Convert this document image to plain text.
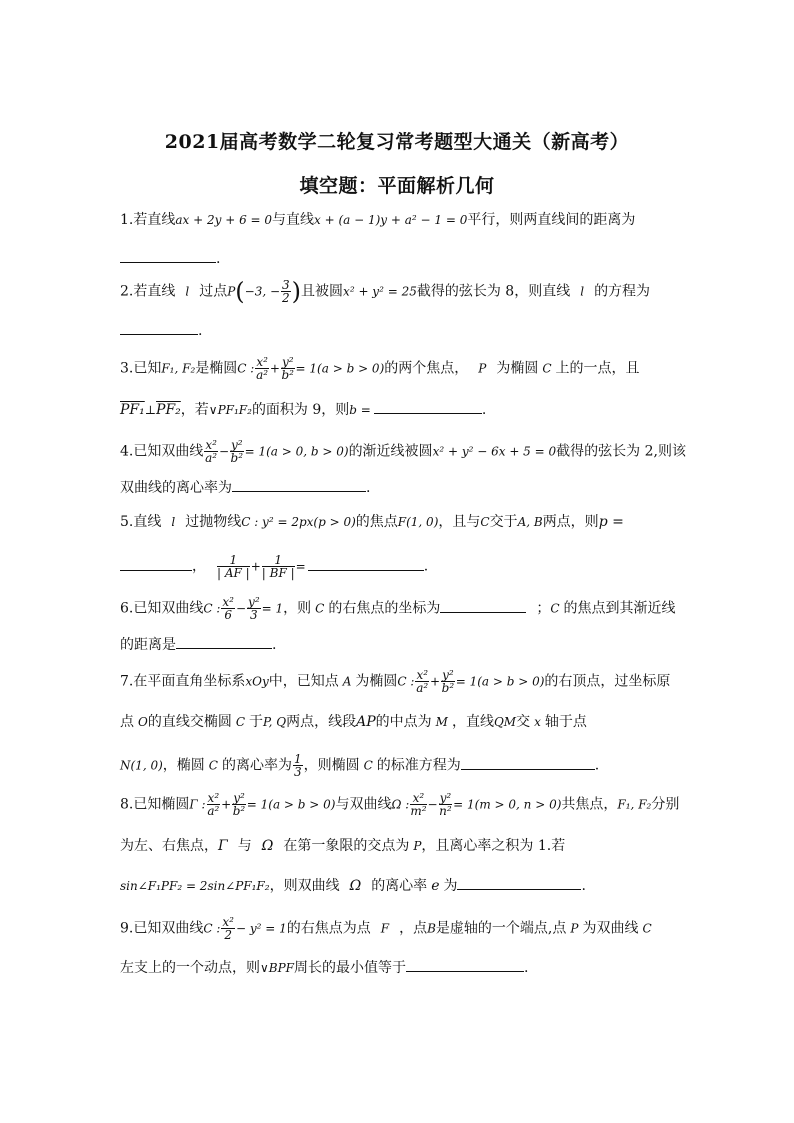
2021届高考数学二轮复习常考题型大通关（新高考）
填空题：平面解析几何
1.若直线ax + 2y + 6 = 0与直线x + (a − 1)y + a² − 1 = 0平行，则两直线间的距离为
.
2.若直线 l 过点P(−3, − $\frac{3}{2}$ )且被圆x² + y² = 25截得的弦长为 8，则直线 l 的方程为
.
3.已知F₁, F₂是椭圆C : $\frac{\text{x²}}{\text{a²}} + \frac{\text{y²}}{\text{b²}} = 1(a > b > 0)$的两个焦点， P 为椭圆 C 上的一点，且
PF₁⊥PF₂，若∨PF₁F₂的面积为 9，则b =	.
4.已知双曲线 $\frac{\text{x²}}{\text{a²}} - \frac{\text{y²}}{\text{b²}} = 1(a > 0$, b > 0)的渐近线被圆x² + y² − 6x + 5 = 0截得的弦长为 2,则该
双曲线的离心率为	.
5.直线 l 过抛物线C : y² = 2px(p > 0)的焦点F(1, 0)，且与C交于A, B两点，则p =
， $\frac{1}{| AF |} + \frac{1}{| BF |}$ =	.
6.已知双曲线C : $\frac{\text{x²}}{6} - \frac{\text{y²}}{3} = 1$，则 C 的右焦点的坐标为	；C 的焦点到其渐近线
的距离是	.
7.在平面直角坐标系xOy中，已知点 A 为椭圆C : $\frac{\text{x²}}{\text{a²}} + \frac{\text{y²}}{\text{b²}} = 1(a > b > 0)$的右顶点，过坐标原
点 O的直线交椭圆 C 于P, Q两点，线段AP的中点为 M ，直线QM交 x 轴于点
N(1, 0)，椭圆 C 的离心率为 $\frac{1}{3}$ ，则椭圆 C 的标准方程为	.
8.已知椭圆Γ : $\frac{\text{x²}}{\text{a²}} + \frac{\text{y²}}{\text{b²}} = 1(a > b > 0)$与双曲线Ω : $\frac{\text{x²}}{\text{m²}} - \frac{\text{y²}}{\text{n²}} = 1(m > 0$, n > 0)共焦点，F₁, F₂分别
为左、右焦点，Γ 与 Ω 在第一象限的交点为 P，且离心率之积为 1.若
sin∠F₁PF₂ = 2sin∠PF₁F₂，则双曲线 Ω 的离心率 e 为	.
9.已知双曲线C : $\frac{\text{x²}}{2} - y^2 = 1$的右焦点为点 F ，点B是虚轴的一个端点,点 P 为双曲线 C
左支上的一个动点，则∨BPF周长的最小值等于	.
